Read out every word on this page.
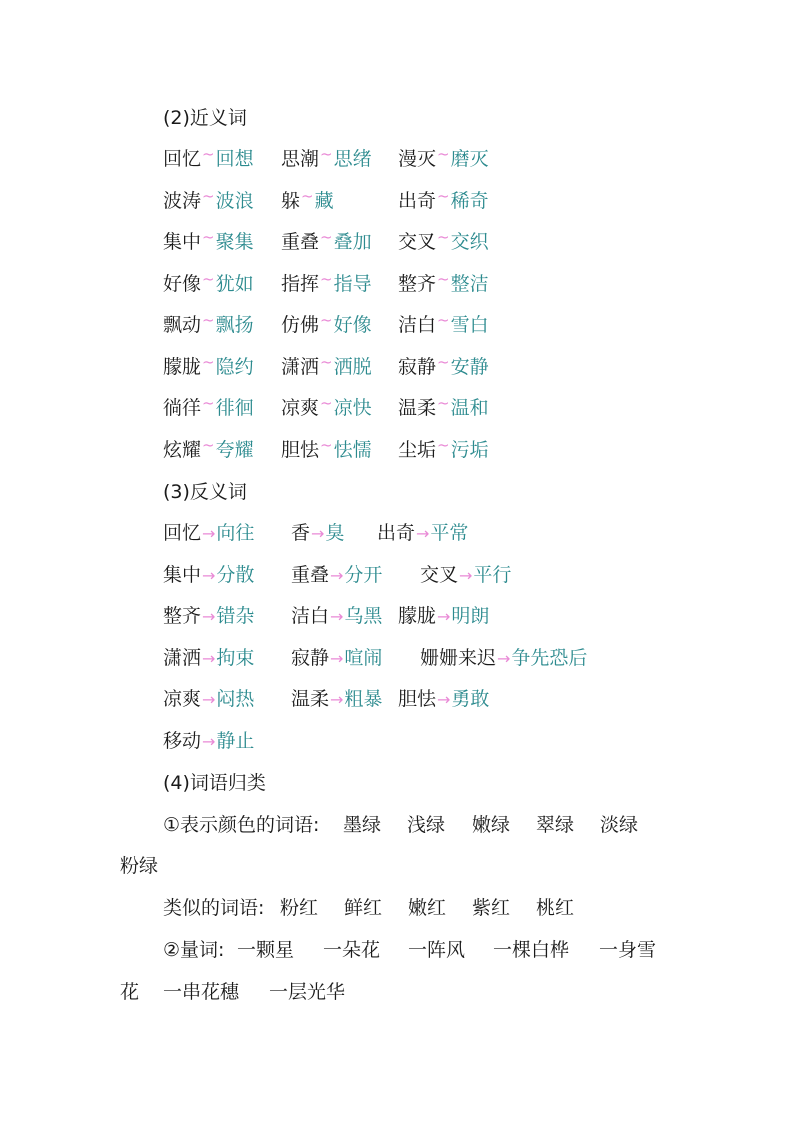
(2)近义词
回忆~回想 思潮~思绪 漫灭~磨灭
波涛~波浪 躲~藏	出奇~稀奇
集中~聚集 重叠~叠加 交叉~交织
好像~犹如 指挥~指导 整齐~整洁
飘动~飘扬 仿佛~好像 洁白~雪白
朦胧~隐约 潇洒~洒脱 寂静~安静
徜徉~徘徊 凉爽~凉快 温柔~温和
炫耀~夸耀 胆怯~怯懦 尘垢~污垢
(3)反义词
回忆→向往 香→臭 出奇→平常
集中→分散 重叠→分开 交叉→平行
整齐→错杂 洁白→乌黑 朦胧→明朗
潇洒→拘束 寂静→喧闹 姗姗来迟→争先恐后
凉爽→闷热 温柔→粗暴 胆怯→勇敢
移动→静止
(4)词语归类
①表示颜色的词语: 墨绿 浅绿 嫩绿 翠绿 淡绿
粉绿
类似的词语: 粉红 鲜红 嫩红 紫红 桃红
②量词: 一颗星 一朵花 一阵风 一棵白桦 一身雪
花 一串花穗 一层光华
